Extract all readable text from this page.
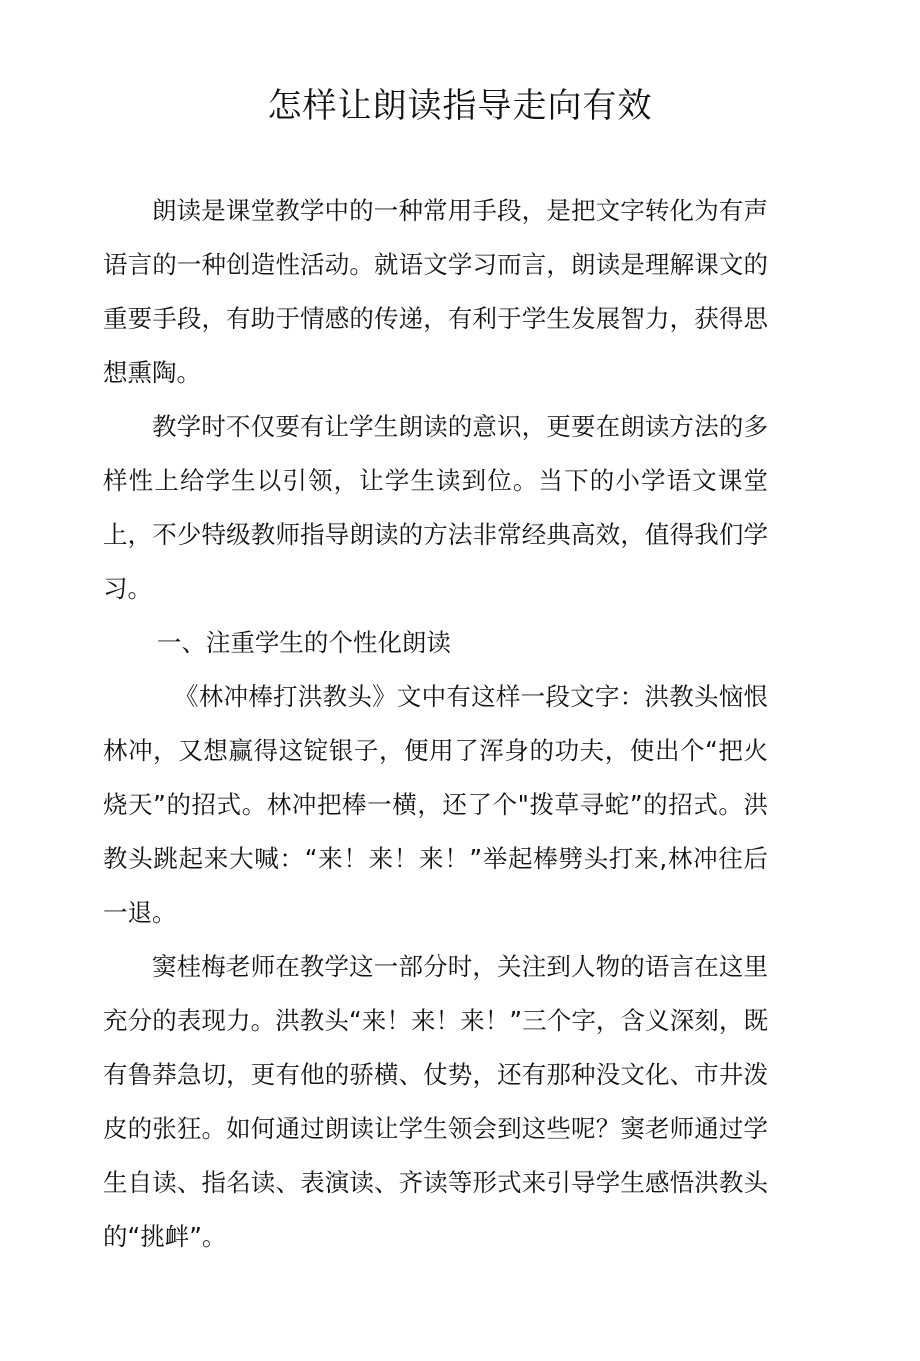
怎样让朗读指导走向有效

朗读是课堂教学中的一种常用手段，是把文字转化为有声语言的一种创造性活动。就语文学习而言，朗读是理解课文的重要手段，有助于情感的传递，有利于学生发展智力，获得思想熏陶。

教学时不仅要有让学生朗读的意识，更要在朗读方法的多样性上给学生以引领，让学生读到位。当下的小学语文课堂上，不少特级教师指导朗读的方法非常经典高效，值得我们学习。

一、注重学生的个性化朗读

《林冲棒打洪教头》文中有这样一段文字：洪教头恼恨林冲，又想赢得这锭银子，便用了浑身的功夫，使出个“把火烧天”的招式。林冲把棒一横，还了个"拨草寻蛇”的招式。洪教头跳起来大喊：“来！来！来！”举起棒劈头打来,林冲往后一退。

窦桂梅老师在教学这一部分时，关注到人物的语言在这里充分的表现力。洪教头“来！来！来！”三个字，含义深刻，既有鲁莽急切，更有他的骄横、仗势，还有那种没文化、市井泼皮的张狂。如何通过朗读让学生领会到这些呢？窦老师通过学生自读、指名读、表演读、齐读等形式来引导学生感悟洪教头的“挑衅”。
